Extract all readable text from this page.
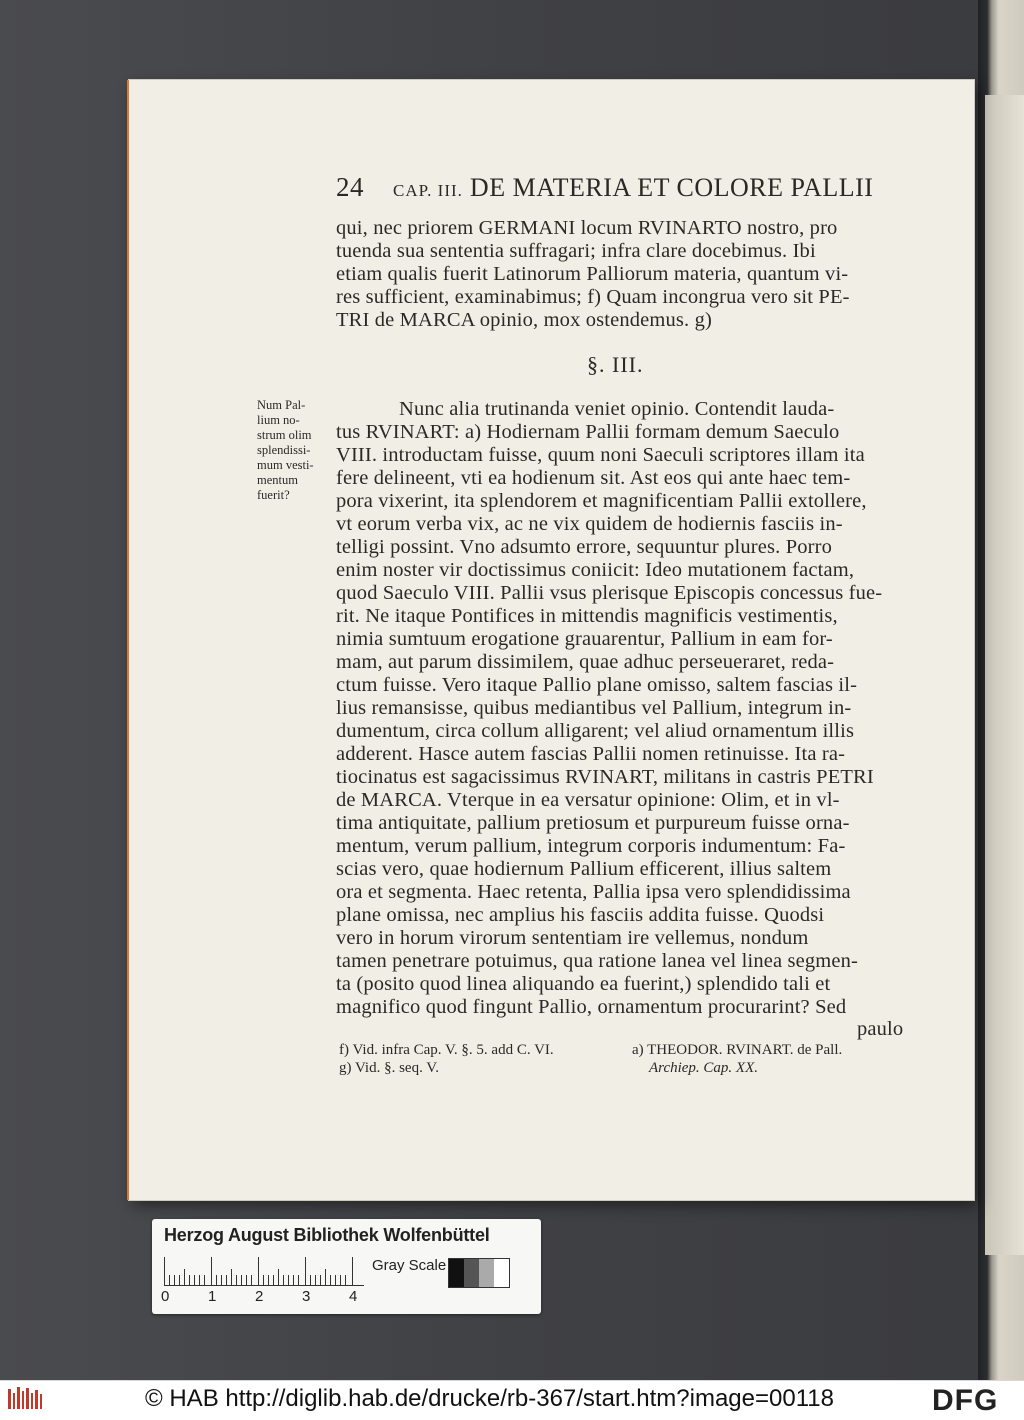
24 CAP. III. DE MATERIA ET COLORE PALLII
qui, nec priorem GERMANI locum RVINARTO nostro, pro
tuenda sua sententia suffragari; infra clare docebimus. Ibi
etiam qualis fuerit Latinorum Palliorum materia, quantum vi-
res sufficient, examinabimus; f) Quam incongrua vero sit PE-
TRI de MARCA opinio, mox ostendemus. g)
§. III.
Num Pal-
lium no-
strum olim
splendissi-
mum vesti-
mentum
fuerit?
Nunc alia trutinanda veniet opinio. Contendit lauda-
tus RVINART: a) Hodiernam Pallii formam demum Saeculo
VIII. introductam fuisse, quum noni Saeculi scriptores illam ita
fere delineent, vti ea hodienum sit. Ast eos qui ante haec tem-
pora vixerint, ita splendorem et magnificentiam Pallii extollere,
vt eorum verba vix, ac ne vix quidem de hodiernis fasciis in-
telligi possint. Vno adsumto errore, sequuntur plures. Porro
enim noster vir doctissimus coniicit: Ideo mutationem factam,
quod Saeculo VIII. Pallii vsus plerisque Episcopis concessus fue-
rit. Ne itaque Pontifices in mittendis magnificis vestimentis,
nimia sumtuum erogatione grauarentur, Pallium in eam for-
mam, aut parum dissimilem, quae adhuc perseueraret, reda-
ctum fuisse. Vero itaque Pallio plane omisso, saltem fascias il-
lius remansisse, quibus mediantibus vel Pallium, integrum in-
dumentum, circa collum alligarent; vel aliud ornamentum illis
adderent. Hasce autem fascias Pallii nomen retinuisse. Ita ra-
tiocinatus est sagacissimus RVINART, militans in castris PETRI
de MARCA. Vterque in ea versatur opinione: Olim, et in vl-
tima antiquitate, pallium pretiosum et purpureum fuisse orna-
mentum, verum pallium, integrum corporis indumentum: Fa-
scias vero, quae hodiernum Pallium efficerent, illius saltem
ora et segmenta. Haec retenta, Pallia ipsa vero splendidissima
plane omissa, nec amplius his fasciis addita fuisse. Quodsi
vero in horum virorum sententiam ire vellemus, nondum
tamen penetrare potuimus, qua ratione lanea vel linea segmen-
ta (posito quod linea aliquando ea fuerint,) splendido tali et
magnifico quod fingunt Pallio, ornamentum procurarint? Sed
paulo
f) Vid. infra Cap. V. §. 5. add C. VI.
g) Vid. §. seq. V.
a) THEODOR. RVINART. de Pall.
Archiep. Cap. XX.
Herzog August Bibliothek Wolfenbüttel
0	1	2	3	4
Gray Scale
© HAB http://diglib.hab.de/drucke/rb-367/start.htm?image=00118	DFG
